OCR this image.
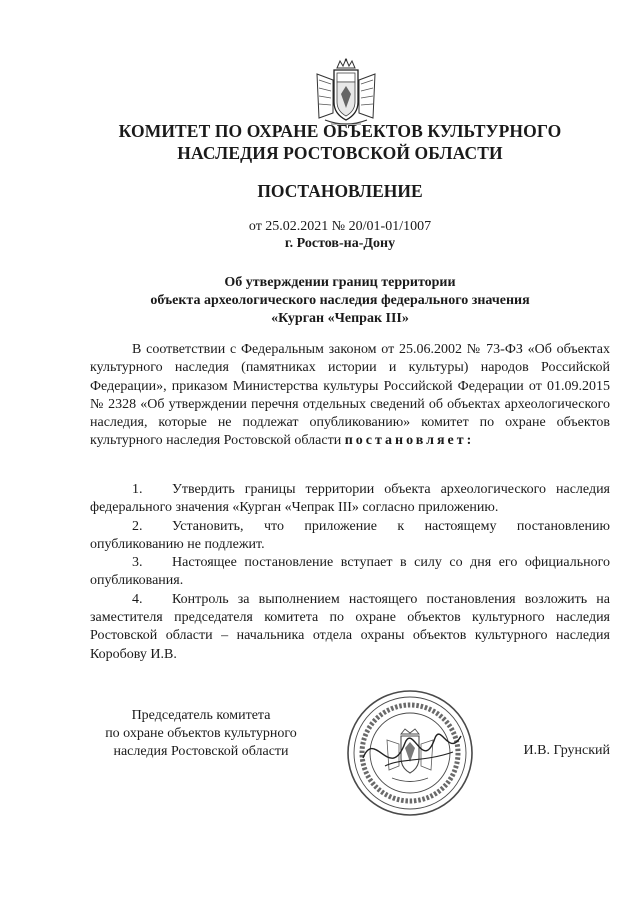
КОМИТЕТ ПО ОХРАНЕ ОБЪЕКТОВ КУЛЬТУРНОГО
НАСЛЕДИЯ РОСТОВСКОЙ ОБЛАСТИ
ПОСТАНОВЛЕНИЕ
от 25.02.2021 № 20/01-01/1007
г. Ростов-на-Дону
Об утверждении границ территории
объекта археологического наследия федерального значения
«Курган «Чепрак III»
В соответствии с Федеральным законом от 25.06.2002 № 73-ФЗ «Об объектах культурного наследия (памятниках истории и культуры) народов Российской Федерации», приказом Министерства культуры Российской Федерации от 01.09.2015 № 2328 «Об утверждении перечня отдельных сведений об объектах археологического наследия, которые не подлежат опубликованию» комитет по охране объектов культурного наследия Ростовской области постановляет:
1. Утвердить границы территории объекта археологического наследия федерального значения «Курган «Чепрак III» согласно приложению.
2. Установить, что приложение к настоящему постановлению опубликованию не подлежит.
3. Настоящее постановление вступает в силу со дня его официального опубликования.
4. Контроль за выполнением настоящего постановления возложить на заместителя председателя комитета по охране объектов культурного наследия Ростовской области – начальника отдела охраны объектов культурного наследия Коробову И.В.
Председатель комитета
по охране объектов культурного
наследия Ростовской области	И.В. Грунский
